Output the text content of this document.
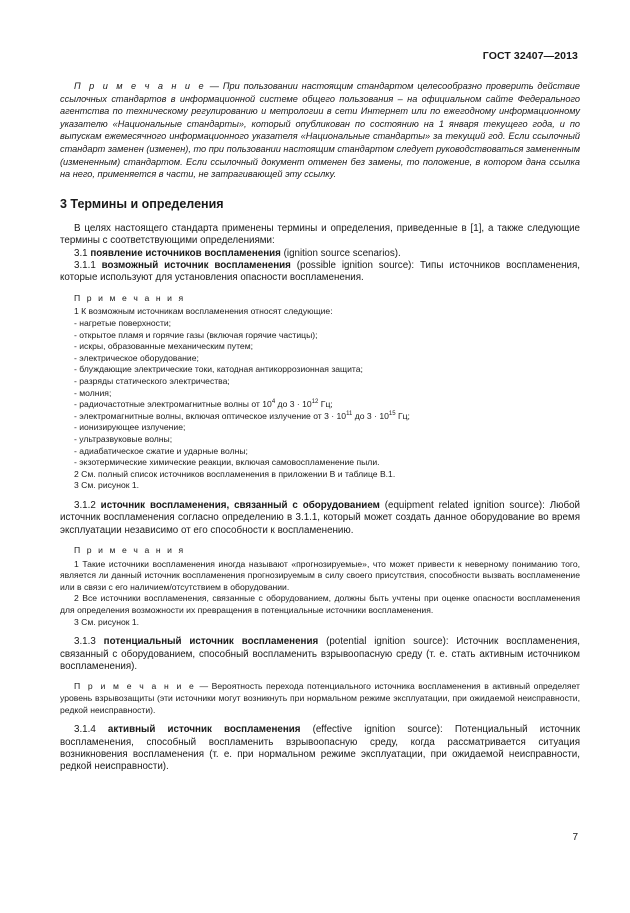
ГОСТ 32407—2013

П р и м е ч а н и е — При пользовании настоящим стандартом целесообразно проверить действие ссылочных стандартов в информационной системе общего пользования – на официальном сайте Федерального агентства по техническому регулированию и метрологии в сети Интернет или по ежегодному информационному указателю «Национальные стандарты», который опубликован по состоянию на 1 января текущего года, и по выпускам ежемесячного информационного указателя «Национальные стандарты» за текущий год. Если ссылочный стандарт заменен (изменен), то при пользовании настоящим стандартом следует руководствоваться замененным (измененным) стандартом. Если ссылочный документ отменен без замены, то положение, в котором дана ссылка на него, применяется в части, не затрагивающей эту ссылку.

3 Термины и определения

В целях настоящего стандарта применены термины и определения, приведенные в [1], а также следующие термины с соответствующими определениями:

3.1 появление источников воспламенения (ignition source scenarios).

3.1.1 возможный источник воспламенения (possible ignition source): Типы источников воспламенения, которые используют для установления опасности воспламенения.

П р и м е ч а н и я

1 К возможным источникам воспламенения относят следующие:

- нагретые поверхности;

- открытое пламя и горячие газы (включая горячие частицы);

- искры, образованные механическим путем;

- электрическое оборудование;

- блуждающие электрические токи, катодная антикоррозионная защита;

- разряды статического электричества;

- молния;

- радиочастотные электромагнитные волны от $10^4$ до $3 \cdot 10^{12}$ Гц;

- электромагнитные волны, включая оптическое излучение от $3 \cdot 10^{11}$ до $3 \cdot 10^{15}$ Гц;

- ионизирующее излучение;

- ультразвуковые волны;

- адиабатическое сжатие и ударные волны;

- экзотермические химические реакции, включая самовоспламенение пыли.

2 См. полный список источников воспламенения в приложении В и таблице В.1.

3 См. рисунок 1.

3.1.2 источник воспламенения, связанный с оборудованием (equipment related ignition source): Любой источник воспламенения согласно определению в 3.1.1, который может создать данное оборудование во время эксплуатации независимо от его способности к воспламенению.

П р и м е ч а н и я

1 Такие источники воспламенения иногда называют «прогнозируемые», что может привести к неверному пониманию того, является ли данный источник воспламенения прогнозируемым в силу своего присутствия, способности вызвать воспламенение или в связи с его наличием/отсутствием в оборудовании.

2 Все источники воспламенения, связанные с оборудованием, должны быть учтены при оценке опасности воспламенения для определения возможности их превращения в потенциальные источники воспламенения.

3 См. рисунок 1.

3.1.3 потенциальный источник воспламенения (potential ignition source): Источник воспламенения, связанный с оборудованием, способный воспламенить взрывоопасную среду (т. е. стать активным источником воспламенения).

П р и м е ч а н и е — Вероятность перехода потенциального источника воспламенения в активный определяет уровень взрывозащиты (эти источники могут возникнуть при нормальном режиме эксплуатации, при ожидаемой неисправности, редкой неисправности).

3.1.4 активный источник воспламенения (effective ignition source): Потенциальный источник воспламенения, способный воспламенить взрывоопасную среду, когда рассматривается ситуация возникновения воспламенения (т. е. при нормальном режиме эксплуатации, при ожидаемой неисправности, редкой неисправности).

7
